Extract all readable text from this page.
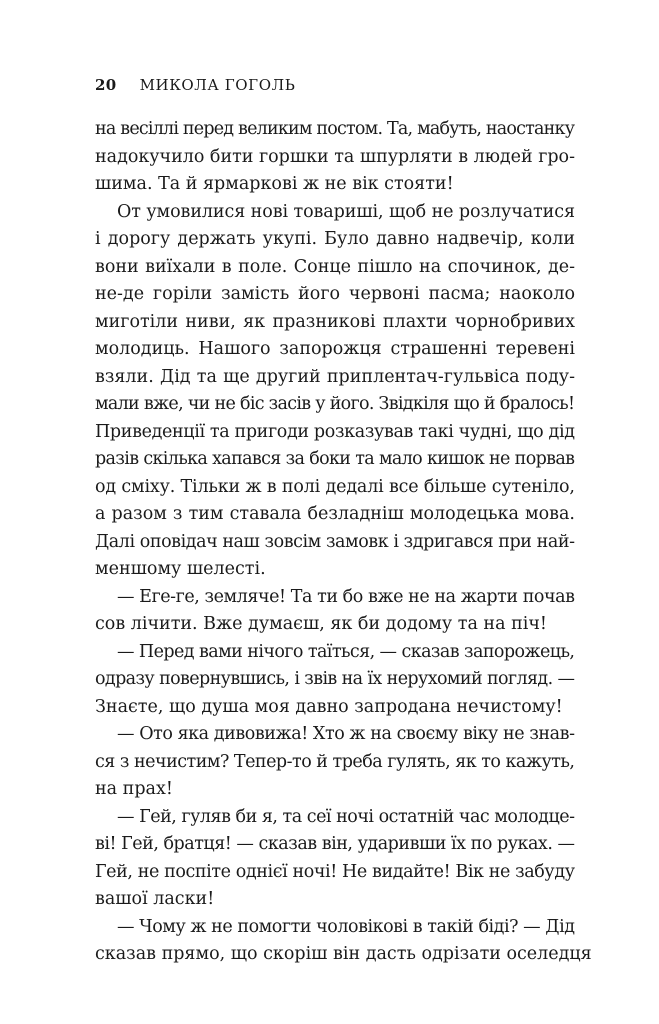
20 МИКОЛА ГОГОЛЬ

на весіллі перед великим постом. Та, мабуть, наостанку
надокучило бити горшки та шпурляти в людей гро-
шима. Та й ярмаркові ж не вік стояти!

От умовилися нові товариші, щоб не розлучатися
і дорогу держать укупі. Було давно надвечір, коли
вони виїхали в поле. Сонце пішло на спочинок, де-
не-де горіли замість його червоні пасма; наоколо
миготіли ниви, як празникові плахти чорнобривих
молодиць. Нашого запорожця страшенні теревені
взяли. Дід та ще другий приплентач-гульвіса поду-
мали вже, чи не біс засів у його. Звідкіля що й бралось!
Приведенції та пригоди розказував такі чудні, що дід
разів скілька хапався за боки та мало кишок не порвав
од сміху. Тільки ж в полі дедалі все більше сутеніло,
а разом з тим ставала безладніш молодецька мова.
Далі оповідач наш зовсім замовк і здригався при най-
меншому шелесті.

— Еге-ге, земляче! Та ти бо вже не на жарти почав
сов лічити. Вже думаєш, як би додому та на піч!

— Перед вами нічого таїться, — сказав запорожець,
одразу повернувшись, і звів на їх нерухомий погляд. —
Знаєте, що душа моя давно запродана нечистому!

— Ото яка дивовижа! Хто ж на своєму віку не знав-
ся з нечистим? Тепер-то й треба гулять, як то кажуть,
на прах!

— Гей, гуляв би я, та сеї ночі остатній час молодце-
ві! Гей, братця! — сказав він, ударивши їх по руках. —
Гей, не поспіте однієї ночі! Не видайте! Вік не забуду
вашої ласки!

— Чому ж не помогти чоловікові в такій біді? — Дід
сказав прямо, що скоріш він дасть одрізати оселедця
